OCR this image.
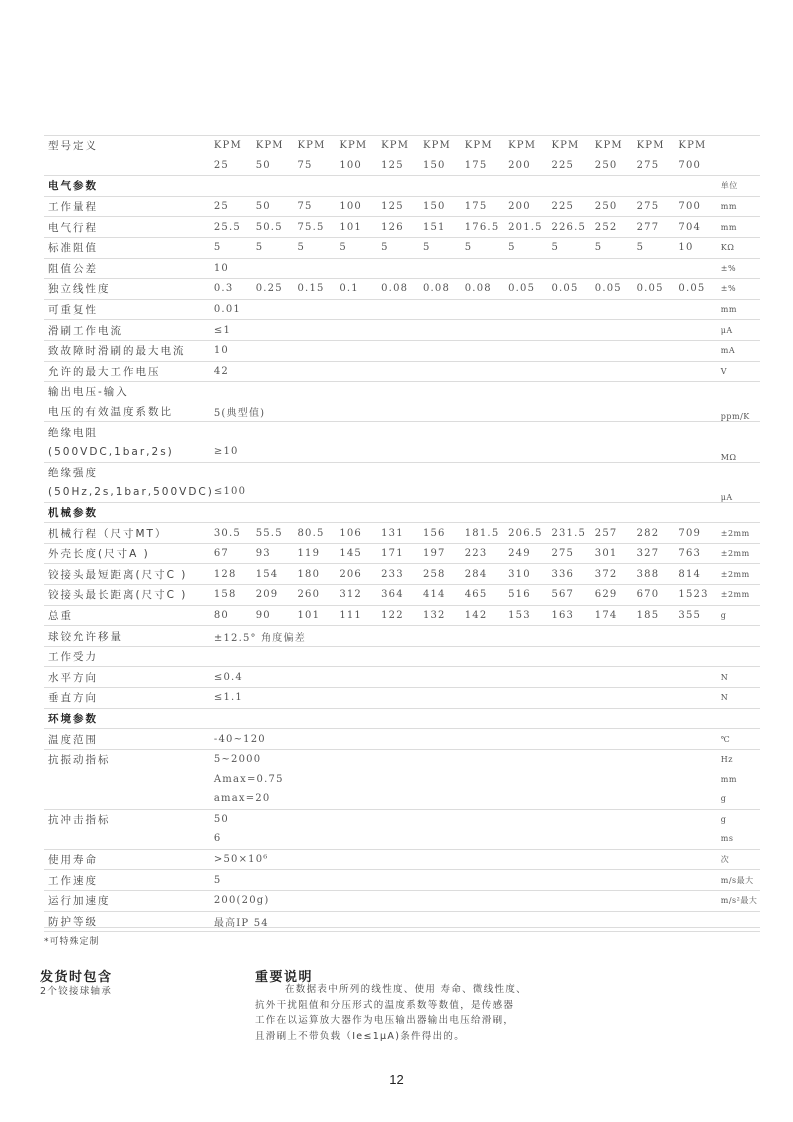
型号定义	KPM	KPM	KPM	KPM	KPM	KPM	KPM	KPM	KPM	KPM	KPM	KPM	
	25	50	75	100	125	150	175	200	225	250	275	700	
电气参数													单位
工作量程	25	50	75	100	125	150	175	200	225	250	275	700	mm
电气行程	25.5	50.5	75.5	101	126	151	176.5	201.5	226.5	252	277	704	mm
标准阻值	5	5	5	5	5	5	5	5	5	5	5	10	KΩ
阻值公差	10												±%
独立线性度	0.3	0.25	0.15	0.1	0.08	0.08	0.08	0.05	0.05	0.05	0.05	0.05	±%
可重复性	0.01												mm
滑刷工作电流	≤1												μA
致故障时滑刷的最大电流	10												mA
允许的最大工作电压	42												V
输出电压-输入													
电压的有效温度系数比	5(典型值)												ppm/K
绝缘电阻													
(500VDC,1bar,2s)	≥10												MΩ
绝缘强度													
(50Hz,2s,1bar,500VDC)	≤100												μA
机械参数													
机械行程（尺寸MT）	30.5	55.5	80.5	106	131	156	181.5	206.5	231.5	257	282	709	±2mm
外壳长度(尺寸A )	67	93	119	145	171	197	223	249	275	301	327	763	±2mm
铰接头最短距离(尺寸C )	128	154	180	206	233	258	284	310	336	372	388	814	±2mm
铰接头最长距离(尺寸C )	158	209	260	312	364	414	465	516	567	629	670	1523	±2mm
总重	80	90	101	111	122	132	142	153	163	174	185	355	g
球铰允许移量	±12.5° 角度偏差												
工作受力													
水平方向	≤0.4												N
垂直方向	≤1.1												N
环境参数													
温度范围	-40~120												℃
抗振动指标	5~2000												Hz
	Amax=0.75												mm
	amax=20												g
抗冲击指标	50												g
	6												ms
使用寿命	>50×10⁶												次
工作速度	5												m/s最大
运行加速度	200(20g)												m/s²最大
防护等级	最高IP 54												
*可特殊定制
发货时包含
2个铰接球轴承
重要说明
在数据表中所列的线性度、使用 寿命、微线性度、
抗外干扰阻值和分压形式的温度系数等数值，是传感器
工作在以运算放大器作为电压输出器输出电压给滑刷，
且滑刷上不带负载（Ie≤1μA)条件得出的。
12
